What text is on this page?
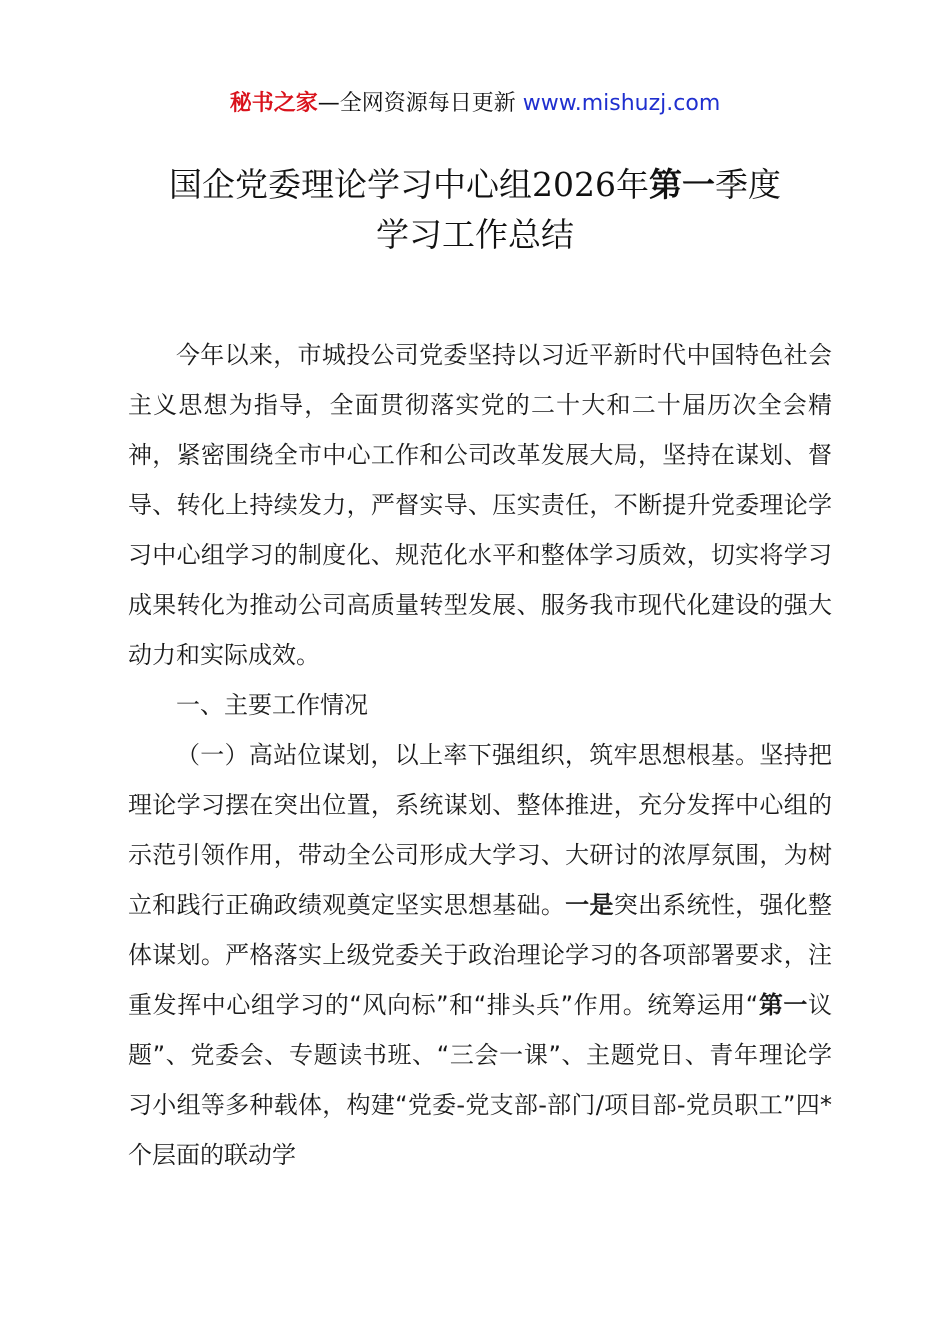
秘书之家—全网资源每日更新 www.mishuzj.com
国企党委理论学习中心组2026年第一季度
学习工作总结

今年以来，市城投公司党委坚持以习近平新时代中国特色社会主义思想为指导，全面贯彻落实党的二十大和二十届历次全会精神，紧密围绕全市中心工作和公司改革发展大局，坚持在谋划、督导、转化上持续发力，严督实导、压实责任，不断提升党委理论学习中心组学习的制度化、规范化水平和整体学习质效，切实将学习成果转化为推动公司高质量转型发展、服务我市现代化建设的强大动力和实际成效。

一、主要工作情况

（一）高站位谋划，以上率下强组织，筑牢思想根基。坚持把理论学习摆在突出位置，系统谋划、整体推进，充分发挥中心组的示范引领作用，带动全公司形成大学习、大研讨的浓厚氛围，为树立和践行正确政绩观奠定坚实思想基础。一是突出系统性，强化整体谋划。严格落实上级党委关于政治理论学习的各项部署要求，注重发挥中心组学习的“风向标”和“排头兵”作用。统筹运用“第一议题”、党委会、专题读书班、“三会一课”、主题党日、青年理论学习小组等多种载体，构建“党委-党支部-部门/项目部-党员职工”四*个层面的联动学
